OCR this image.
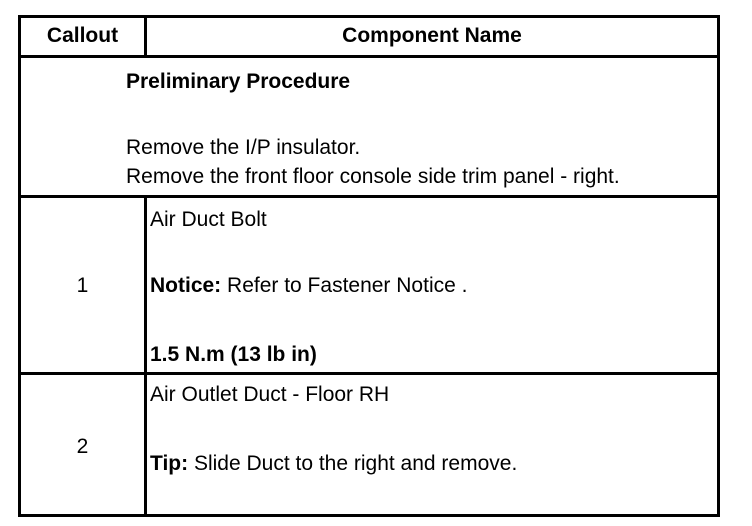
Callout	Component Name
Preliminary Procedure
Remove the I/P insulator.
Remove the front floor console side trim panel - right.
1
Air Duct Bolt
Notice: Refer to Fastener Notice .
1.5 N.m (13 lb in)
2
Air Outlet Duct - Floor RH
Tip: Slide Duct to the right and remove.
